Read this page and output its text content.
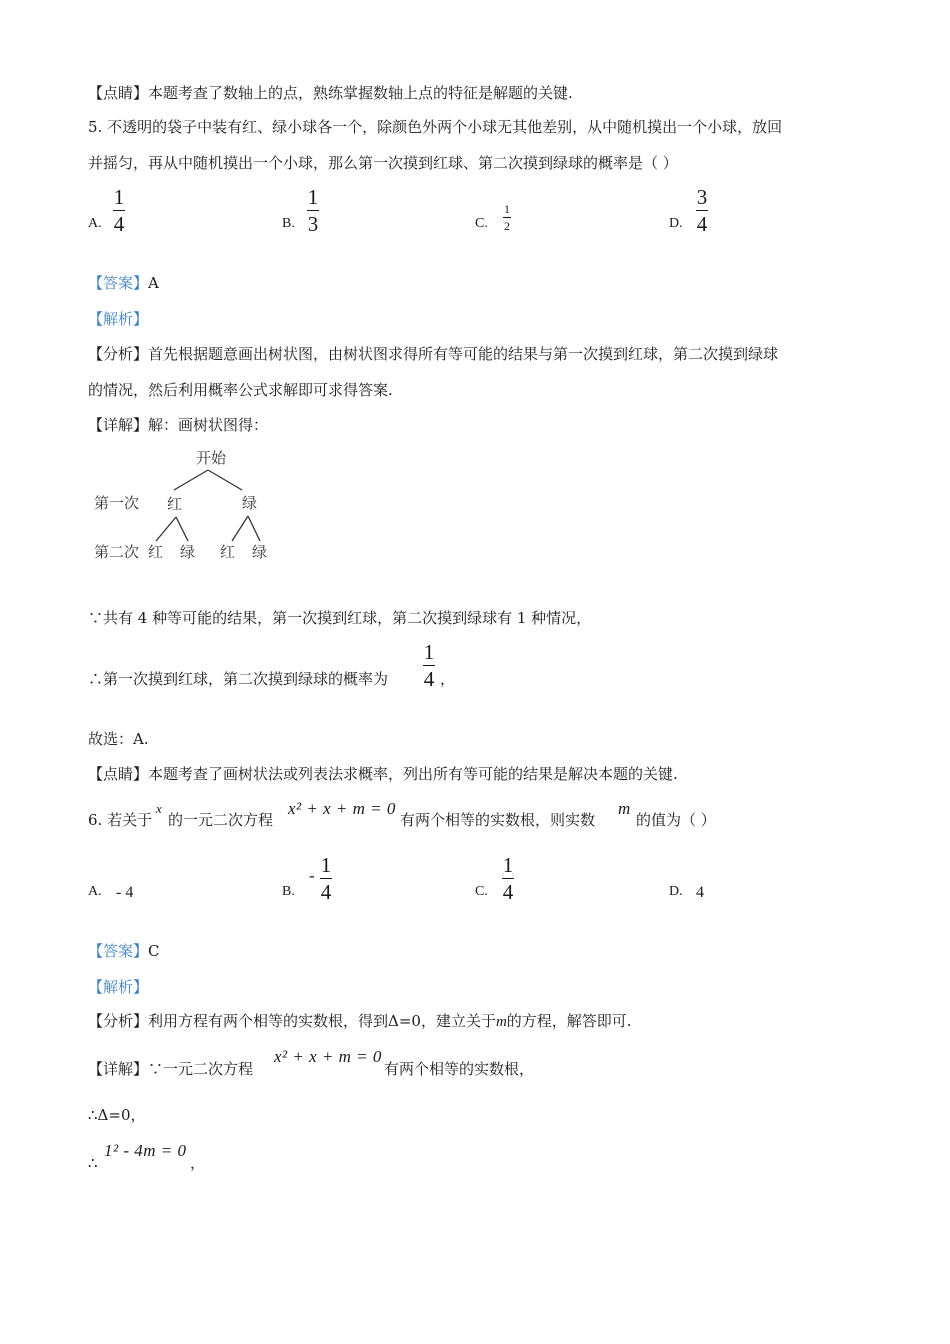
【点睛】本题考查了数轴上的点，熟练掌握数轴上点的特征是解题的关键.
5. 不透明的袋子中装有红、绿小球各一个，除颜色外两个小球无其他差别，从中随机摸出一个小球，放回
并摇匀，再从中随机摸出一个小球，那么第一次摸到红球、第二次摸到绿球的概率是（ ）
A.
1
4	B.
1
3	C.
1
2	D.
3
4
【答案】A
【解析】
【分析】首先根据题意画出树状图，由树状图求得所有等可能的结果与第一次摸到红球，第二次摸到绿球
的情况，然后利用概率公式求解即可求得答案.
【详解】解：画树状图得：
开始
第一次 红	绿
第二次 红 绿 红 绿
∵共有 4 种等可能的结果，第一次摸到红球，第二次摸到绿球有 1 种情况，
∴第一次摸到红球，第二次摸到绿球的概率为
1
4 ，
故选：A.
【点睛】本题考查了画树状法或列表法求概率，列出所有等可能的结果是解决本题的关键.
6. 若关于
x
的一元二次方程
x² + x + m = 0
有两个相等的实数根，则实数
m
的值为（ ）
A. - 4	B.
- 1
4	C.
1
4	D. 4
【答案】C
【解析】
【分析】利用方程有两个相等的实数根，得到Δ=0，建立关于m的方程，解答即可.
【详解】∵一元二次方程
x² + x + m = 0
有两个相等的实数根，
∴Δ=0，
∴
1² - 4m = 0
，
